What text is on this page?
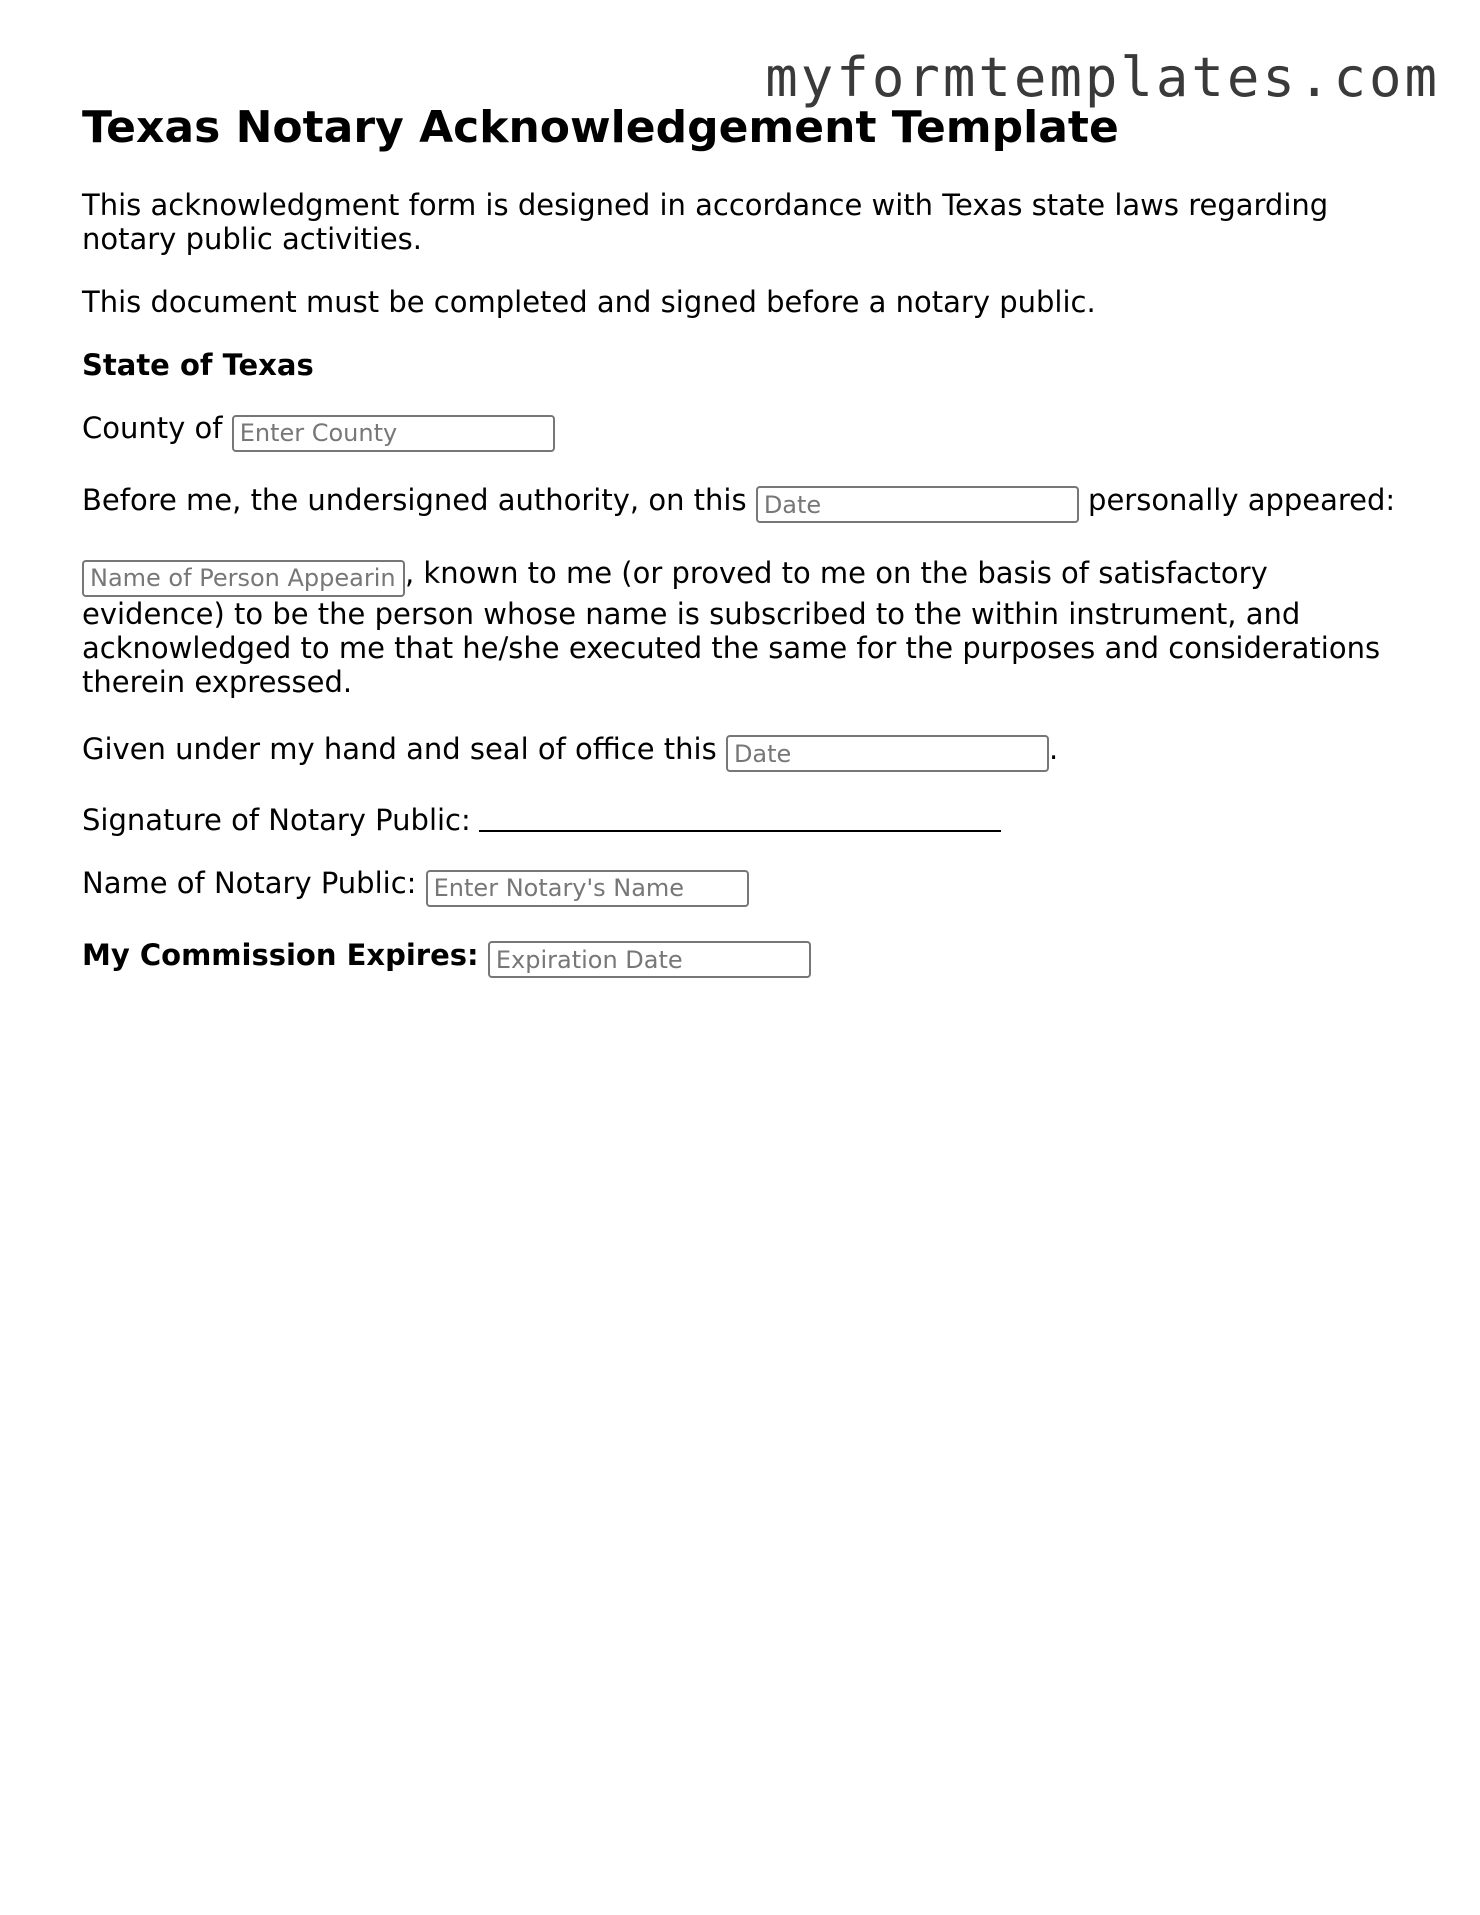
myformtemplates.com
Texas Notary Acknowledgement Template

This acknowledgment form is designed in accordance with Texas state laws regarding notary public activities.

This document must be completed and signed before a notary public.

State of Texas

County of Enter County

Before me, the undersigned authority, on this Date	personally appeared:

Name of Person Appearing, known to me (or proved to me on the basis of satisfactory evidence) to be the person whose name is subscribed to the within instrument, and acknowledged to me that he/she executed the same for the purposes and considerations therein expressed.

Given under my hand and seal of office this Date	.

Signature of Notary Public:

Name of Notary Public: Enter Notary's Name

My Commission Expires: Expiration Date
